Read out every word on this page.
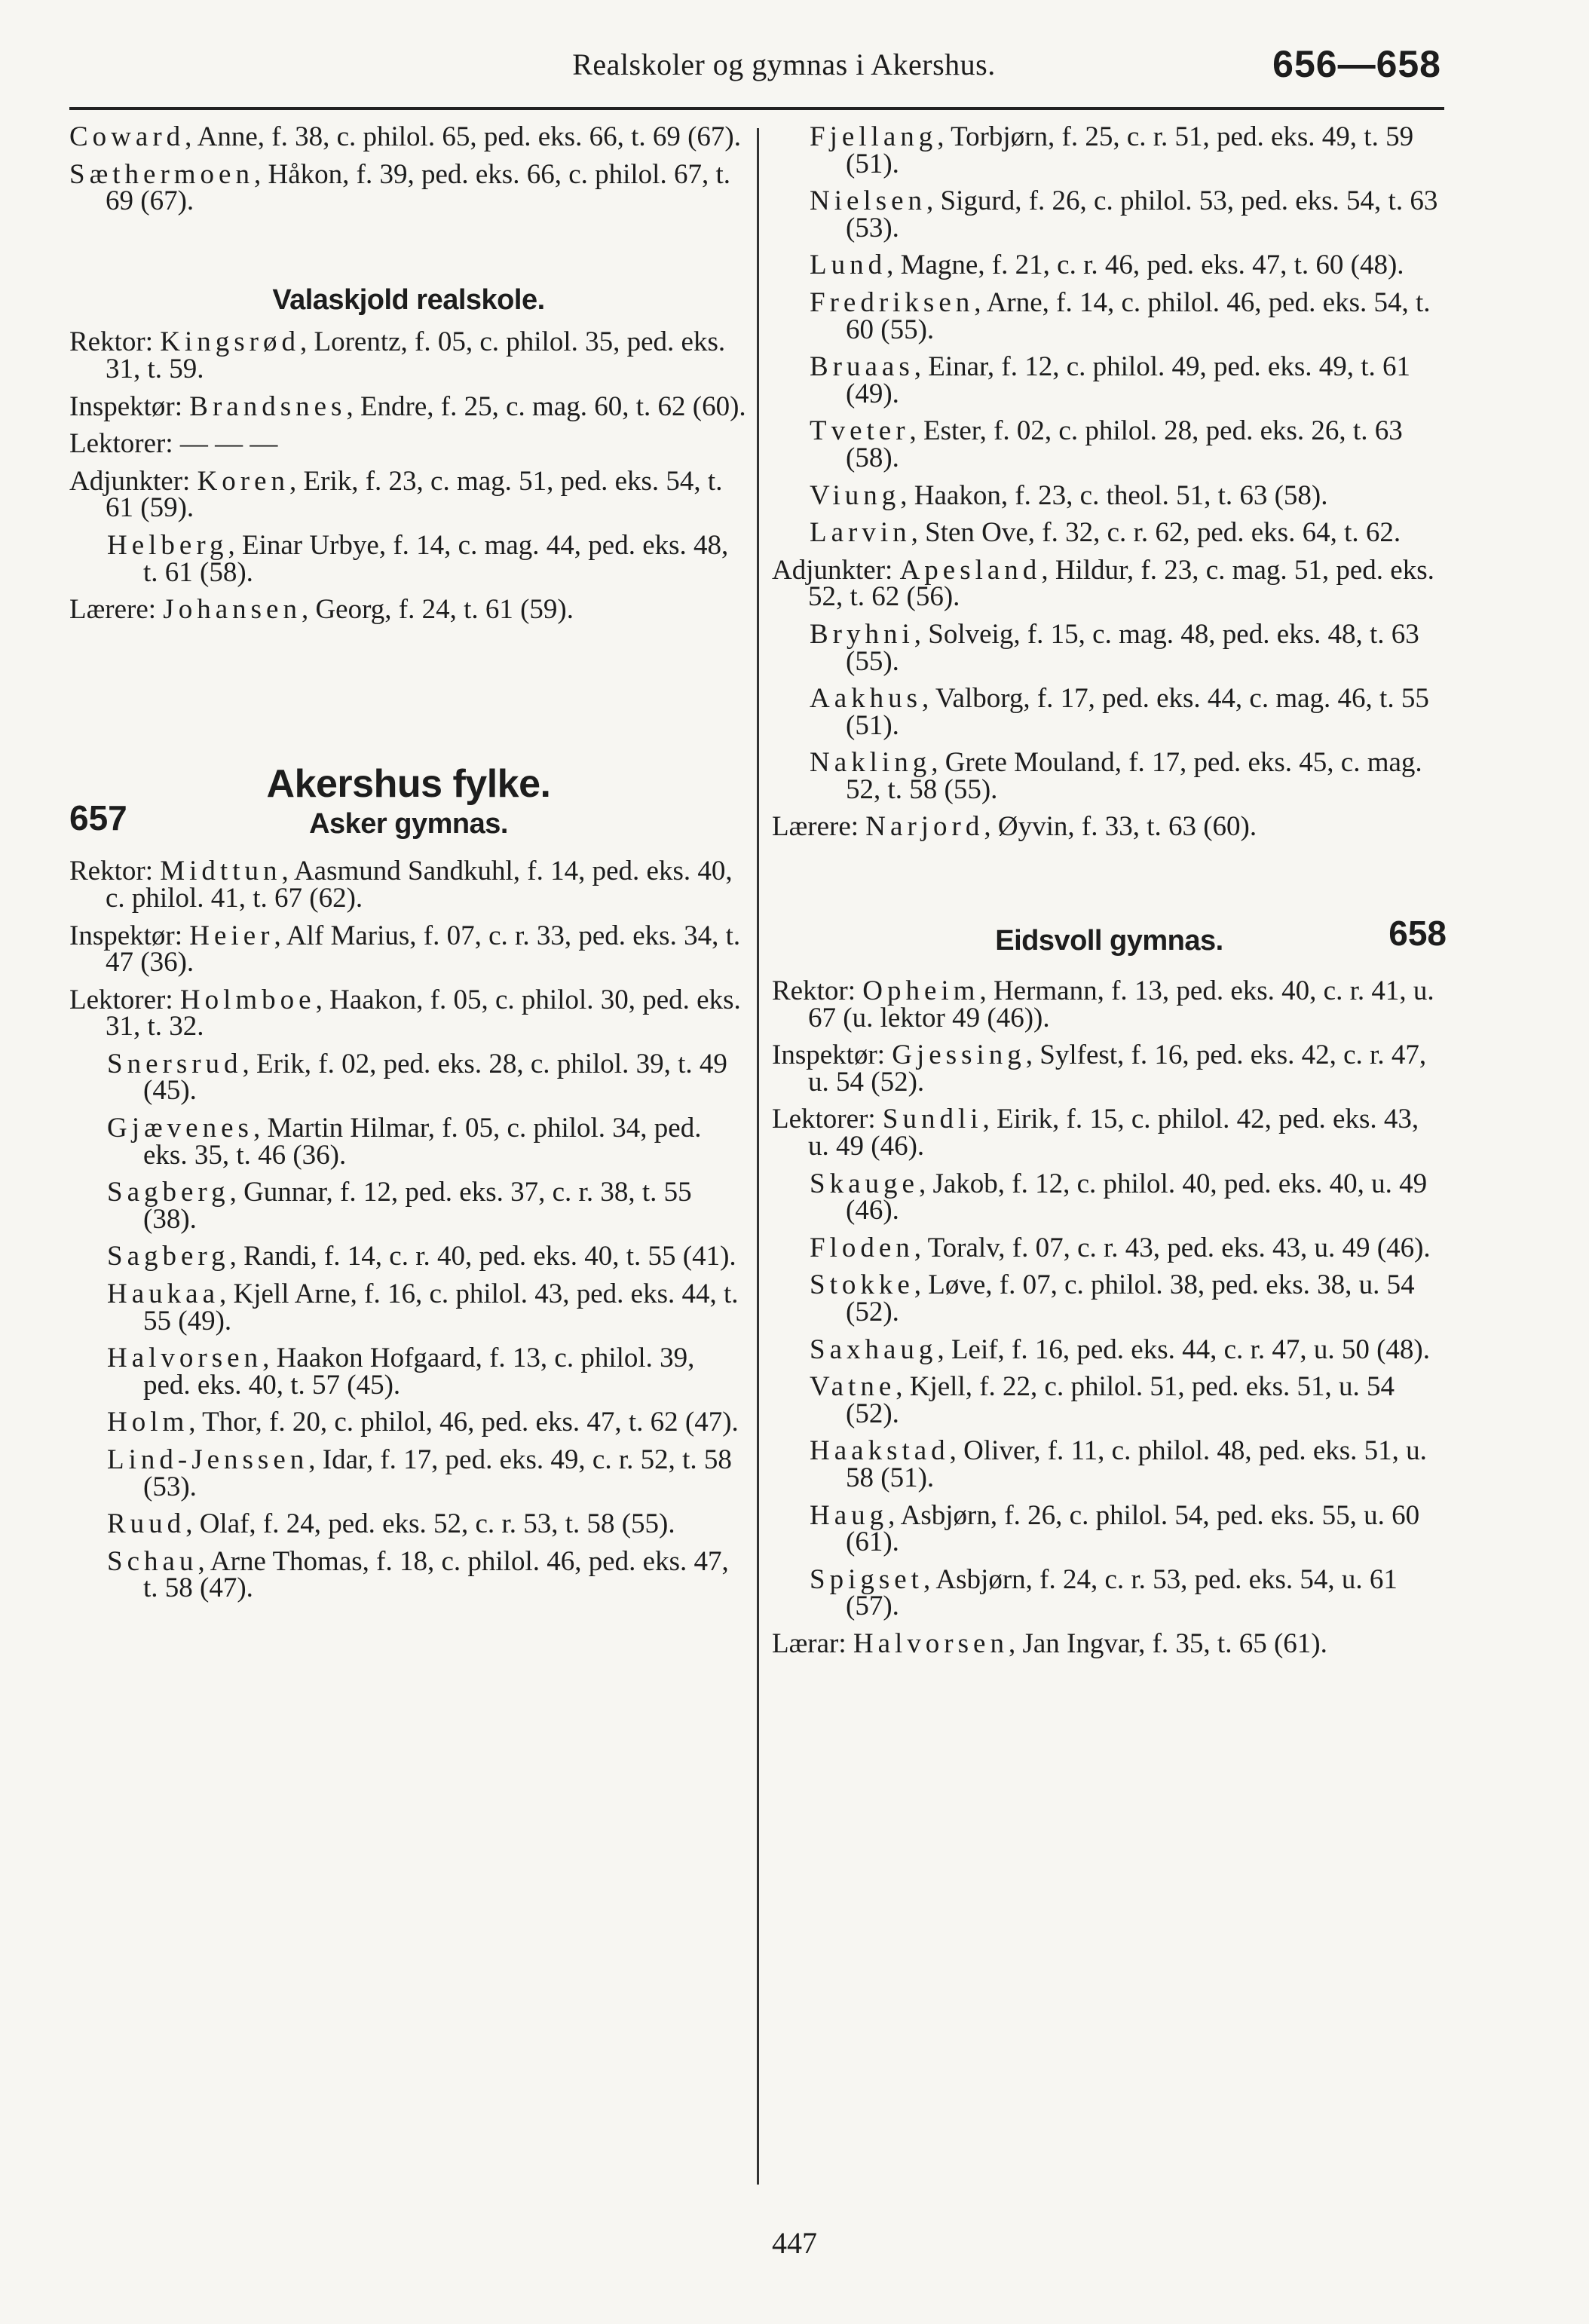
Realskoler og gymnas i Akershus.	656—658
Coward, Anne, f. 38, c. philol. 65, ped. eks. 66, t. 69 (67).
Sæthermoen, Håkon, f. 39, ped. eks. 66, c. philol. 67, t. 69 (67).
Valaskjold realskole.
Rektor: Kingsrød, Lorentz, f. 05, c. philol. 35, ped. eks. 31, t. 59.
Inspektør: Brandsnes, Endre, f. 25, c. mag. 60, t. 62 (60).
Lektorer: — — —
Adjunkter: Koren, Erik, f. 23, c. mag. 51, ped. eks. 54, t. 61 (59).
Helberg, Einar Urbye, f. 14, c. mag. 44, ped. eks. 48, t. 61 (58).
Lærere: Johansen, Georg, f. 24, t. 61 (59).
Akershus fylke.
657	Asker gymnas.
Rektor: Midttun, Aasmund Sandkuhl, f. 14, ped. eks. 40, c. philol. 41, t. 67 (62).
Inspektør: Heier, Alf Marius, f. 07, c. r. 33, ped. eks. 34, t. 47 (36).
Lektorer: Holmboe, Haakon, f. 05, c. philol. 30, ped. eks. 31, t. 32.
Snersrud, Erik, f. 02, ped. eks. 28, c. philol. 39, t. 49 (45).
Gjævenes, Martin Hilmar, f. 05, c. philol. 34, ped. eks. 35, t. 46 (36).
Sagberg, Gunnar, f. 12, ped. eks. 37, c. r. 38, t. 55 (38).
Sagberg, Randi, f. 14, c. r. 40, ped. eks. 40, t. 55 (41).
Haukaa, Kjell Arne, f. 16, c. philol. 43, ped. eks. 44, t. 55 (49).
Halvorsen, Haakon Hofgaard, f. 13, c. philol. 39, ped. eks. 40, t. 57 (45).
Holm, Thor, f. 20, c. philol, 46, ped. eks. 47, t. 62 (47).
Lind-Jenssen, Idar, f. 17, ped. eks. 49, c. r. 52, t. 58 (53).
Ruud, Olaf, f. 24, ped. eks. 52, c. r. 53, t. 58 (55).
Schau, Arne Thomas, f. 18, c. philol. 46, ped. eks. 47, t. 58 (47).
Fjellang, Torbjørn, f. 25, c. r. 51, ped. eks. 49, t. 59 (51).
Nielsen, Sigurd, f. 26, c. philol. 53, ped. eks. 54, t. 63 (53).
Lund, Magne, f. 21, c. r. 46, ped. eks. 47, t. 60 (48).
Fredriksen, Arne, f. 14, c. philol. 46, ped. eks. 54, t. 60 (55).
Bruaas, Einar, f. 12, c. philol. 49, ped. eks. 49, t. 61 (49).
Tveter, Ester, f. 02, c. philol. 28, ped. eks. 26, t. 63 (58).
Viung, Haakon, f. 23, c. theol. 51, t. 63 (58).
Larvin, Sten Ove, f. 32, c. r. 62, ped. eks. 64, t. 62.
Adjunkter: Apesland, Hildur, f. 23, c. mag. 51, ped. eks. 52, t. 62 (56).
Bryhni, Solveig, f. 15, c. mag. 48, ped. eks. 48, t. 63 (55).
Aakhus, Valborg, f. 17, ped. eks. 44, c. mag. 46, t. 55 (51).
Nakling, Grete Mouland, f. 17, ped. eks. 45, c. mag. 52, t. 58 (55).
Lærere: Narjord, Øyvin, f. 33, t. 63 (60).
Eidsvoll gymnas.	658
Rektor: Opheim, Hermann, f. 13, ped. eks. 40, c. r. 41, u. 67 (u. lektor 49 (46)).
Inspektør: Gjessing, Sylfest, f. 16, ped. eks. 42, c. r. 47, u. 54 (52).
Lektorer: Sundli, Eirik, f. 15, c. philol. 42, ped. eks. 43, u. 49 (46).
Skauge, Jakob, f. 12, c. philol. 40, ped. eks. 40, u. 49 (46).
Floden, Toralv, f. 07, c. r. 43, ped. eks. 43, u. 49 (46).
Stokke, Løve, f. 07, c. philol. 38, ped. eks. 38, u. 54 (52).
Saxhaug, Leif, f. 16, ped. eks. 44, c. r. 47, u. 50 (48).
Vatne, Kjell, f. 22, c. philol. 51, ped. eks. 51, u. 54 (52).
Haakstad, Oliver, f. 11, c. philol. 48, ped. eks. 51, u. 58 (51).
Haug, Asbjørn, f. 26, c. philol. 54, ped. eks. 55, u. 60 (61).
Spigset, Asbjørn, f. 24, c. r. 53, ped. eks. 54, u. 61 (57).
Lærar: Halvorsen, Jan Ingvar, f. 35, t. 65 (61).
447
